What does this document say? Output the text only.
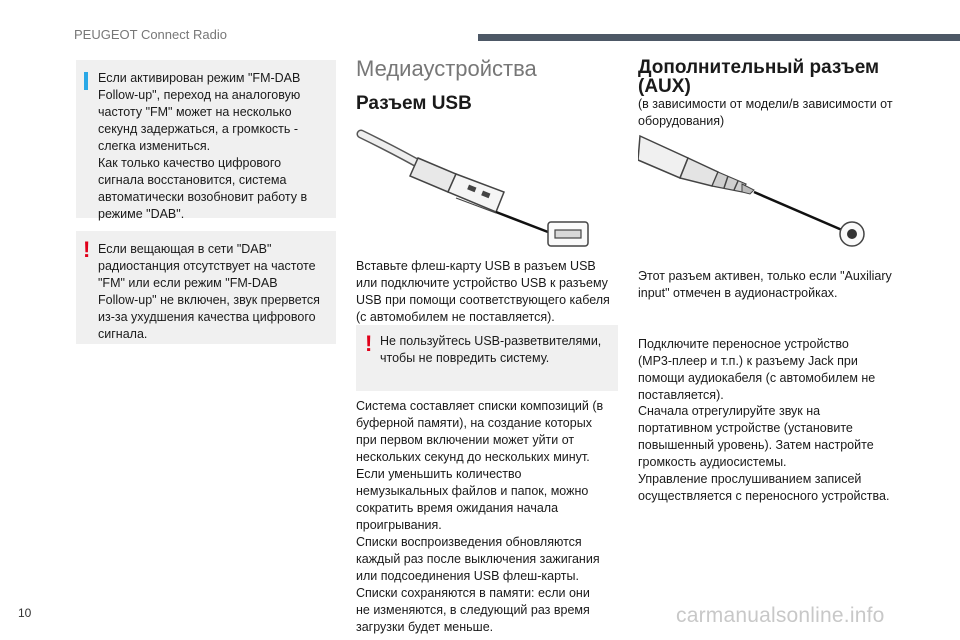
PEUGEOT Connect Radio

Если активирован режим "FM-DAB
Follow-up", переход на аналоговую
частоту "FM" может на несколько
секунд задержаться, а громкость -
слегка измениться.
Как только качество цифрового
сигнала восстановится, система
автоматически возобновит работу в
режиме "DAB".

! Если вещающая в сети "DAB"
радиостанция отсутствует на частоте
"FM" или если режим "FM-DAB
Follow-up" не включен, звук прервется
из-за ухудшения качества цифрового
сигнала.

Медиаустройства
Разъем USB
Вставьте флеш-карту USB в разъем USB
или подключите устройство USB к разъему
USB при помощи соответствующего кабеля
(с автомобилем не поставляется).
! Не пользуйтесь USB-разветвителями,
чтобы не повредить систему.

Система составляет списки композиций (в
буферной памяти), на создание которых
при первом включении может уйти от
нескольких секунд до нескольких минут.
Если уменьшить количество
немузыкальных файлов и папок, можно
сократить время ожидания начала
проигрывания.
Списки воспроизведения обновляются
каждый раз после выключения зажигания
или подсоединения USB флеш-карты.
Списки сохраняются в памяти: если они
не изменяются, в следующий раз время
загрузки будет меньше.
Дополнительный разъем
(AUX)
(в зависимости от модели/в зависимости от
оборудования)
Этот разъем активен, только если "Auxiliary
input" отмечен в аудионастройках.
Подключите переносное устройство
(MP3-плеер и т.п.) к разъему Jack при
помощи аудиокабеля (с автомобилем не
поставляется).
Сначала отрегулируйте звук на
портативном устройстве (установите
повышенный уровень). Затем настройте
громкость аудиосистемы.
Управление прослушиванием записей
осуществляется с переносного устройства.
10	carmanualsonline.info
